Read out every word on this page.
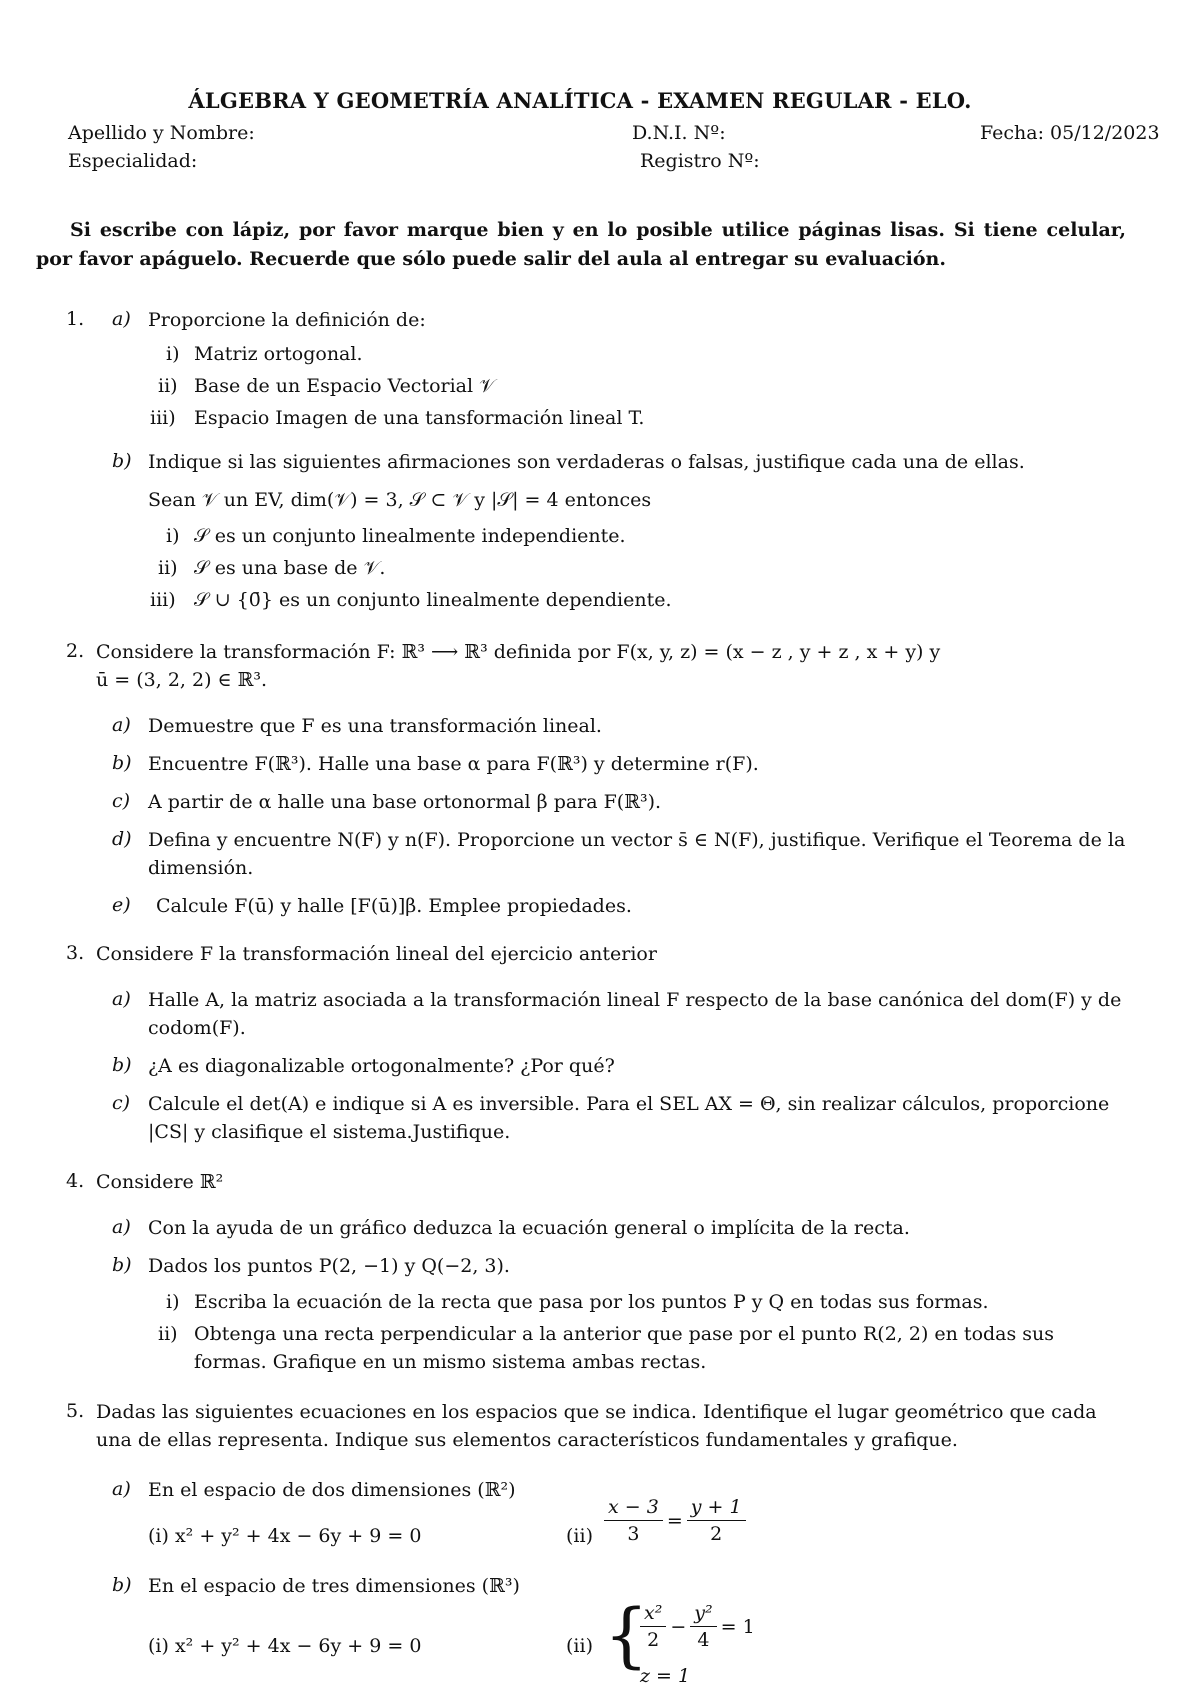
ÁLGEBRA Y GEOMETRÍA ANALÍTICA - EXAMEN REGULAR - ELO.
Apellido y Nombre:	D.N.I. Nº:	Fecha: 05/12/2023
Especialidad:	Registro Nº:
Si escribe con lápiz, por favor marque bien y en lo posible utilice páginas lisas. Si tiene celular, por favor apáguelo. Recuerde que sólo puede salir del aula al entregar su evaluación.
1. a) Proporcione la definición de:
i) Matriz ortogonal.
ii) Base de un Espacio Vectorial 𝒱
iii) Espacio Imagen de una tansformación lineal T.
b) Indique si las siguientes afirmaciones son verdaderas o falsas, justifique cada una de ellas.
Sean 𝒱 un EV, dim(𝒱) = 3, 𝒮 ⊂ 𝒱 y |𝒮| = 4 entonces
i) 𝒮 es un conjunto linealmente independiente.
ii) 𝒮 es una base de 𝒱.
iii) 𝒮 ∪ {0̄} es un conjunto linealmente dependiente.
2. Considere la transformación F: ℝ³ ⟶ ℝ³ definida por F(x, y, z) = (x − z , y + z , x + y) y
ū = (3, 2, 2) ∈ ℝ³.
a) Demuestre que F es una transformación lineal.
b) Encuentre F(ℝ³). Halle una base α para F(ℝ³) y determine r(F).
c) A partir de α halle una base ortonormal β para F(ℝ³).
d) Defina y encuentre N(F) y n(F). Proporcione un vector s̄ ∈ N(F), justifique. Verifique el Teorema de la dimensión.
e) Calcule F(ū) y halle [F(ū)]β. Emplee propiedades.
3. Considere F la transformación lineal del ejercicio anterior
a) Halle A, la matriz asociada a la transformación lineal F respecto de la base canónica del dom(F) y de codom(F).
b) ¿A es diagonalizable ortogonalmente? ¿Por qué?
c) Calcule el det(A) e indique si A es inversible. Para el SEL AX = Θ, sin realizar cálculos, proporcione |CS| y clasifique el sistema.Justifique.
4. Considere ℝ²
a) Con la ayuda de un gráfico deduzca la ecuación general o implícita de la recta.
b) Dados los puntos P(2, −1) y Q(−2, 3).
i) Escriba la ecuación de la recta que pasa por los puntos P y Q en todas sus formas.
ii) Obtenga una recta perpendicular a la anterior que pase por el punto R(2, 2) en todas sus formas. Grafique en un mismo sistema ambas rectas.
5. Dadas las siguientes ecuaciones en los espacios que se indica. Identifique el lugar geométrico que cada una de ellas representa. Indique sus elementos característicos fundamentales y grafique.
a) En el espacio de dos dimensiones (ℝ²)
(i) x² + y² + 4x − 6y + 9 = 0	$(ii) \frac{x - 3}{3} = \frac{y + 1}{2}$
b) En el espacio de tres dimensiones (ℝ³)
(i) x² + y² + 4x − 6y + 9 = 0	(ii) {
$\frac{\text{x²}}{2} - \frac{\text{y²}}{4} = 1$
z = 1
